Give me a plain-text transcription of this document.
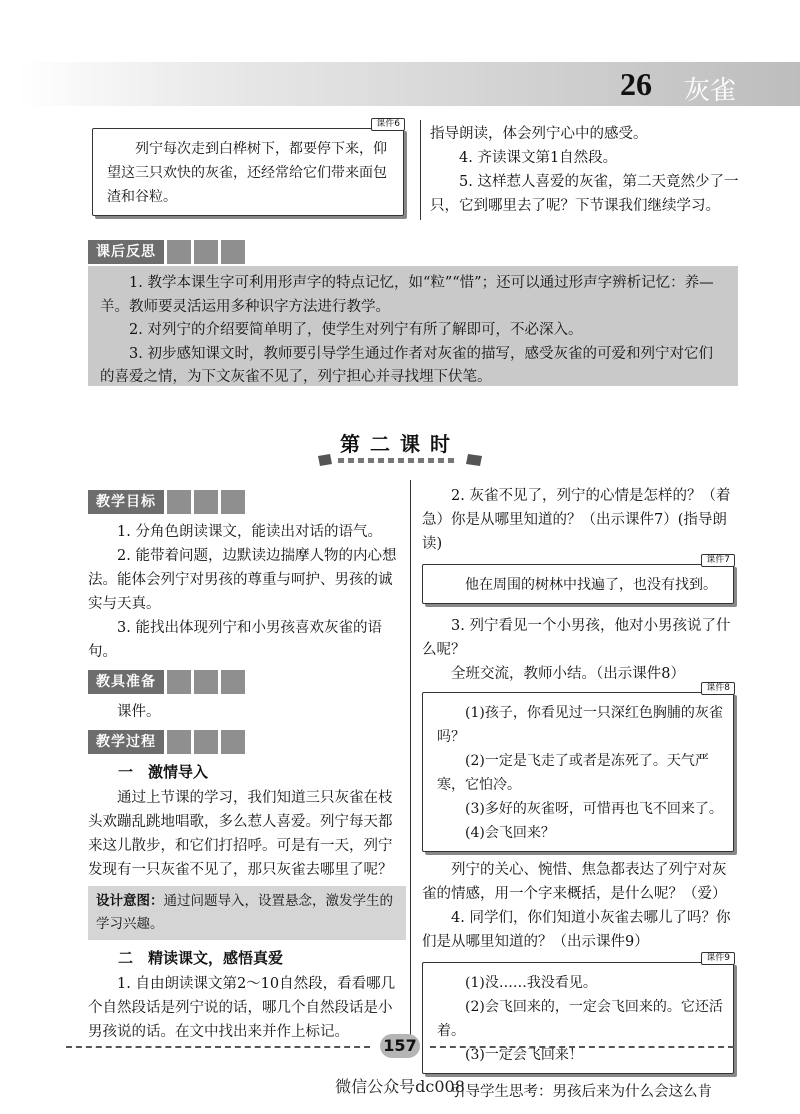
26 灰雀
课件6

列宁每次走到白桦树下，都要停下来，仰望这三只欢快的灰雀，还经常给它们带来面包渣和谷粒。

指导朗读，体会列宁心中的感受。

4. 齐读课文第1自然段。

5. 这样惹人喜爱的灰雀，第二天竟然少了一只，它到哪里去了呢？下节课我们继续学习。

课后反思

1. 教学本课生字可利用形声字的特点记忆，如“粒”“惜”；还可以通过形声字辨析记忆：养—羊。教师要灵活运用多种识字方法进行教学。

2. 对列宁的介绍要简单明了，使学生对列宁有所了解即可，不必深入。

3. 初步感知课文时，教师要引导学生通过作者对灰雀的描写，感受灰雀的可爱和列宁对它们的喜爱之情，为下文灰雀不见了，列宁担心并寻找埋下伏笔。

第二课时
教学目标

1. 分角色朗读课文，能读出对话的语气。

2. 能带着问题，边默读边揣摩人物的内心想法。能体会列宁对男孩的尊重与呵护、男孩的诚实与天真。

3. 能找出体现列宁和小男孩喜欢灰雀的语句。

教具准备

课件。

教学过程
一　激情导入

通过上节课的学习，我们知道三只灰雀在枝头欢蹦乱跳地唱歌，多么惹人喜爱。列宁每天都来这儿散步，和它们打招呼。可是有一天，列宁发现有一只灰雀不见了，那只灰雀去哪里了呢？

设计意图：通过问题导入，设置悬念，激发学生的学习兴趣。
二　精读课文，感悟真爱

1. 自由朗读课文第2～10自然段，看看哪几个自然段话是列宁说的话，哪几个自然段话是小男孩说的话。在文中找出来并作上标记。

2. 灰雀不见了，列宁的心情是怎样的？（着急）你是从哪里知道的？（出示课件7）(指导朗读)

课件7

他在周围的树林中找遍了，也没有找到。

3. 列宁看见一个小男孩，他对小男孩说了什么呢？

全班交流，教师小结。（出示课件8）

课件8

(1)孩子，你看见过一只深红色胸脯的灰雀吗？

(2)一定是飞走了或者是冻死了。天气严寒，它怕冷。

(3)多好的灰雀呀，可惜再也飞不回来了。

(4)会飞回来？

列宁的关心、惋惜、焦急都表达了列宁对灰雀的情感，用一个字来概括，是什么呢？（爱）

4. 同学们，你们知道小灰雀去哪儿了吗？你们是从哪里知道的？（出示课件9）

课件9

(1)没……我没看见。

(2)会飞回来的，一定会飞回来的。它还活着。

(3)一定会飞回来！

引导学生思考：男孩后来为什么会这么肯

157
微信公众号dc008
